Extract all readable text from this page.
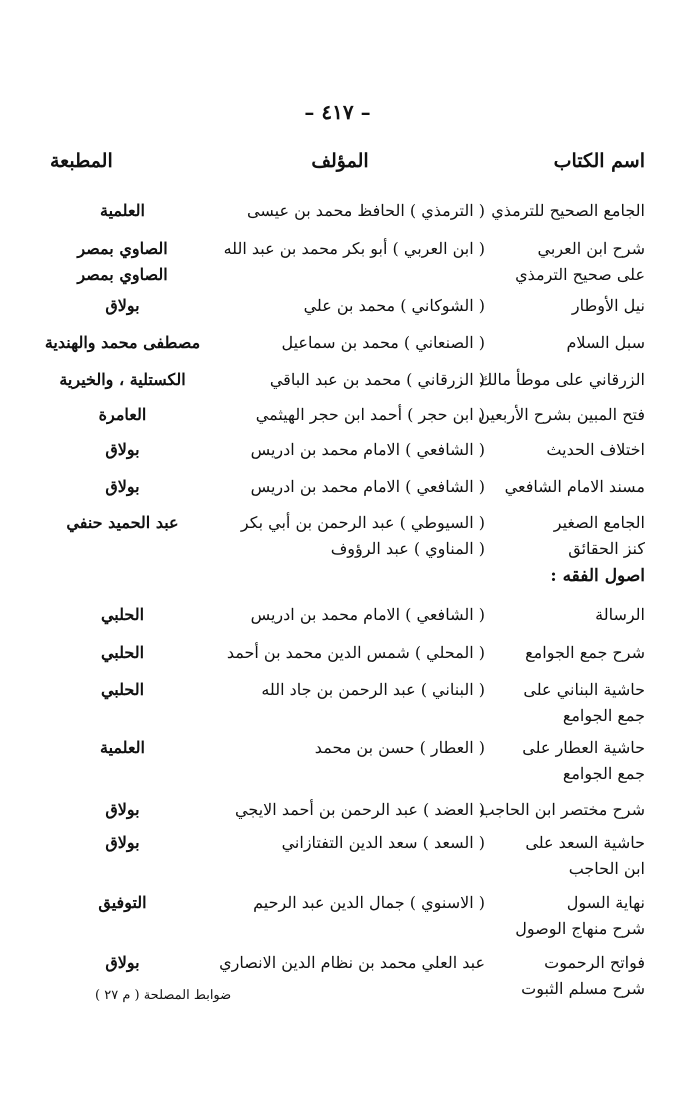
– ٤١٧ –
اسم الكتاب
المؤلف
المطبعة
الجامع الصحيح للترمذي
( الترمذي ) الحافظ محمد بن عيسى
العلمية
شرح ابن العربي
على صحيح الترمذي
( ابن العربي ) أبو بكر محمد بن عبد الله
الصاوي بمصر
الصاوي بمصر
نيل الأوطار
( الشوكاني ) محمد بن علي
بولاق
سبل السلام
( الصنعاني ) محمد بن سماعيل
مصطفى محمد والهندية
الزرقاني على موطأ مالك
( الزرقاني ) محمد بن عبد الباقي
الكستلية ، والخيرية
فتح المبين بشرح الأربعين
( ابن حجر ) أحمد ابن حجر الهيثمي
العامرة
اختلاف الحديث
( الشافعي ) الامام محمد بن ادريس
بولاق
مسند الامام الشافعي
( الشافعي ) الامام محمد بن ادريس
بولاق
الجامع الصغير
كنز الحقائق
( السيوطي ) عبد الرحمن بن أبي بكر
( المناوي ) عبد الرؤوف
عبد الحميد حنفي
اصول الفقه :
الرسالة
( الشافعي ) الامام محمد بن ادريس
الحلبي
شرح جمع الجوامع
( المحلي ) شمس الدين محمد بن أحمد
الحلبي
حاشية البناني على
جمع الجوامع
( البناني ) عبد الرحمن بن جاد الله
الحلبي
حاشية العطار على
جمع الجوامع
( العطار ) حسن بن محمد
العلمية
شرح مختصر ابن الحاجب
( العضد ) عبد الرحمن بن أحمد الايجي
بولاق
حاشية السعد على
ابن الحاجب
( السعد ) سعد الدين التفتازاني
بولاق
نهاية السول
شرح منهاج الوصول
( الاسنوي ) جمال الدين عبد الرحيم
التوفيق
فواتح الرحموت
شرح مسلم الثبوت
عبد العلي محمد بن نظام الدين الانصاري
بولاق
ضوابط المصلحة ( م ٢٧ )
